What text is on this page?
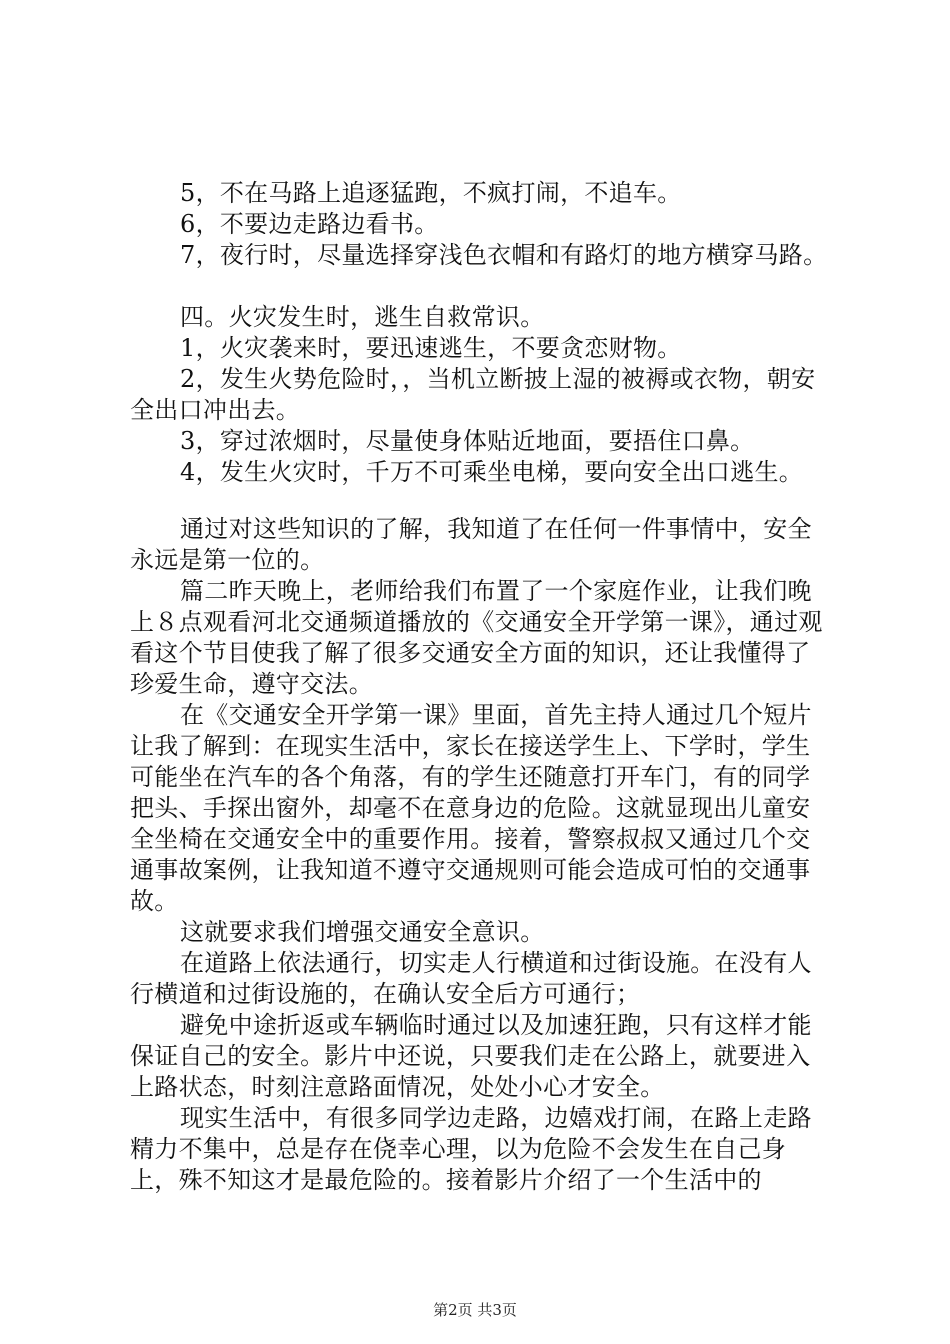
5，不在马路上追逐猛跑，不疯打闹，不追车。
6，不要边走路边看书。
7，夜行时，尽量选择穿浅色衣帽和有路灯的地方横穿马路。
四。火灾发生时，逃生自救常识。
1，火灾袭来时，要迅速逃生，不要贪恋财物。
2，发生火势危险时，，当机立断披上湿的被褥或衣物，朝安全出口冲出去。
3，穿过浓烟时，尽量使身体贴近地面，要捂住口鼻。
4，发生火灾时，千万不可乘坐电梯，要向安全出口逃生。
通过对这些知识的了解，我知道了在任何一件事情中，安全永远是第一位的。
篇二昨天晚上，老师给我们布置了一个家庭作业，让我们晚上８点观看河北交通频道播放的《交通安全开学第一课》，通过观看这个节目使我了解了很多交通安全方面的知识，还让我懂得了珍爱生命，遵守交法。
在《交通安全开学第一课》里面，首先主持人通过几个短片让我了解到：在现实生活中，家长在接送学生上、下学时，学生可能坐在汽车的各个角落，有的学生还随意打开车门，有的同学把头、手探出窗外，却毫不在意身边的危险。这就显现出儿童安全坐椅在交通安全中的重要作用。接着，警察叔叔又通过几个交通事故案例，让我知道不遵守交通规则可能会造成可怕的交通事故。
这就要求我们增强交通安全意识。
在道路上依法通行，切实走人行横道和过街设施。在没有人行横道和过街设施的，在确认安全后方可通行；
避免中途折返或车辆临时通过以及加速狂跑，只有这样才能保证自己的安全。影片中还说，只要我们走在公路上，就要进入上路状态，时刻注意路面情况，处处小心才安全。
现实生活中，有很多同学边走路，边嬉戏打闹，在路上走路精力不集中，总是存在侥幸心理，以为危险不会发生在自己身上，殊不知这才是最危险的。接着影片介绍了一个生活中的
第2页 共3页
